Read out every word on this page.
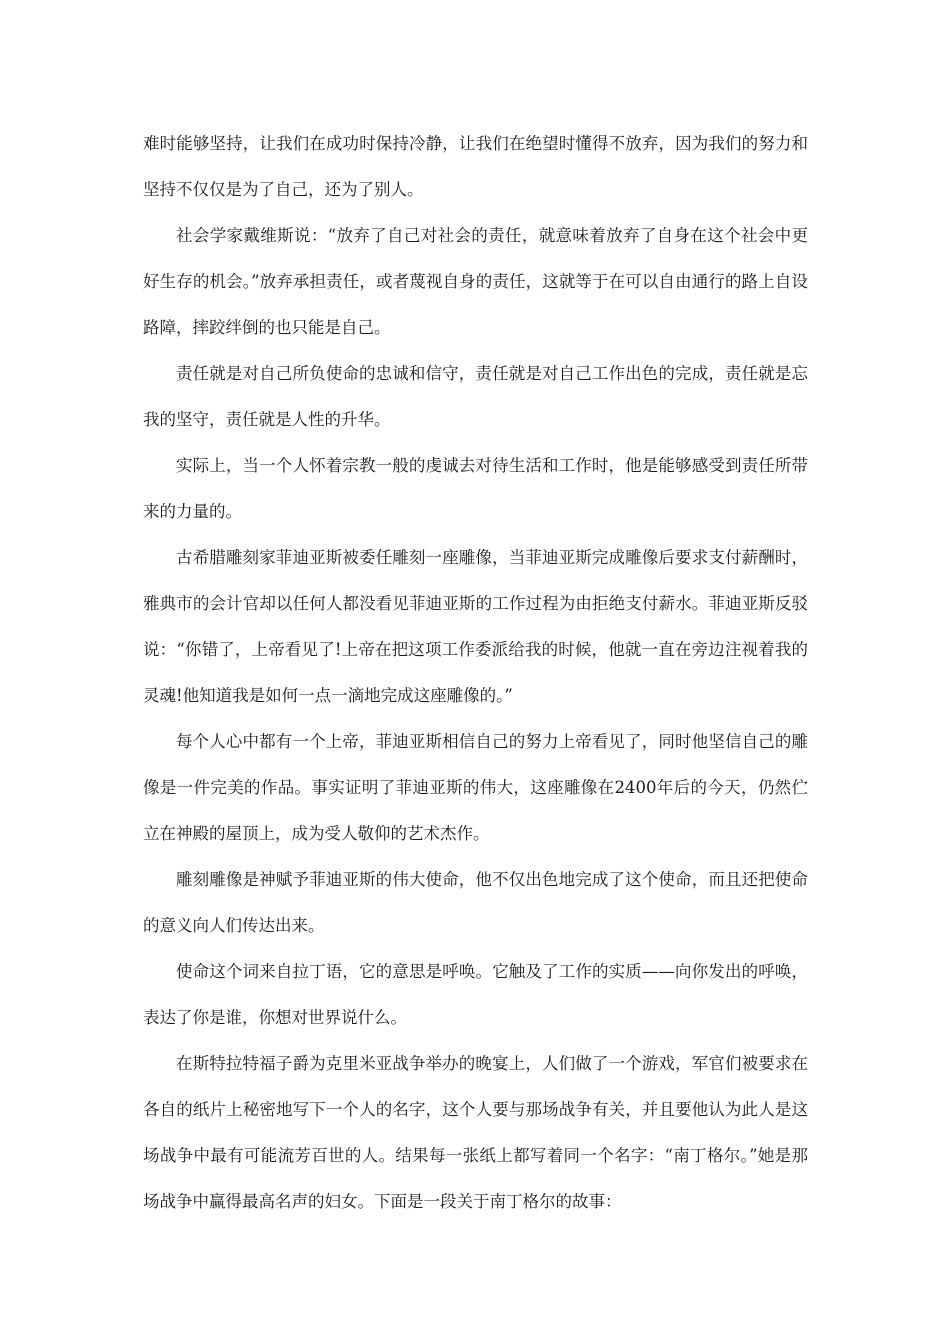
难时能够坚持，让我们在成功时保持冷静，让我们在绝望时懂得不放弃，因为我们的努力和坚持不仅仅是为了自己，还为了别人。

社会学家戴维斯说：“放弃了自己对社会的责任，就意味着放弃了自身在这个社会中更好生存的机会。”放弃承担责任，或者蔑视自身的责任，这就等于在可以自由通行的路上自设路障，摔跤绊倒的也只能是自己。

责任就是对自己所负使命的忠诚和信守，责任就是对自己工作出色的完成，责任就是忘我的坚守，责任就是人性的升华。

实际上，当一个人怀着宗教一般的虔诚去对待生活和工作时，他是能够感受到责任所带来的力量的。

古希腊雕刻家菲迪亚斯被委任雕刻一座雕像，当菲迪亚斯完成雕像后要求支付薪酬时，雅典市的会计官却以任何人都没看见菲迪亚斯的工作过程为由拒绝支付薪水。菲迪亚斯反驳说：“你错了，上帝看见了!上帝在把这项工作委派给我的时候，他就一直在旁边注视着我的灵魂!他知道我是如何一点一滴地完成这座雕像的。”

每个人心中都有一个上帝，菲迪亚斯相信自己的努力上帝看见了，同时他坚信自己的雕像是一件完美的作品。事实证明了菲迪亚斯的伟大，这座雕像在2400年后的今天，仍然伫立在神殿的屋顶上，成为受人敬仰的艺术杰作。

雕刻雕像是神赋予菲迪亚斯的伟大使命，他不仅出色地完成了这个使命，而且还把使命的意义向人们传达出来。

使命这个词来自拉丁语，它的意思是呼唤。它触及了工作的实质——向你发出的呼唤，表达了你是谁，你想对世界说什么。

在斯特拉特福子爵为克里米亚战争举办的晚宴上，人们做了一个游戏，军官们被要求在各自的纸片上秘密地写下一个人的名字，这个人要与那场战争有关，并且要他认为此人是这场战争中最有可能流芳百世的人。结果每一张纸上都写着同一个名字：“南丁格尔。”她是那场战争中赢得最高名声的妇女。下面是一段关于南丁格尔的故事：
